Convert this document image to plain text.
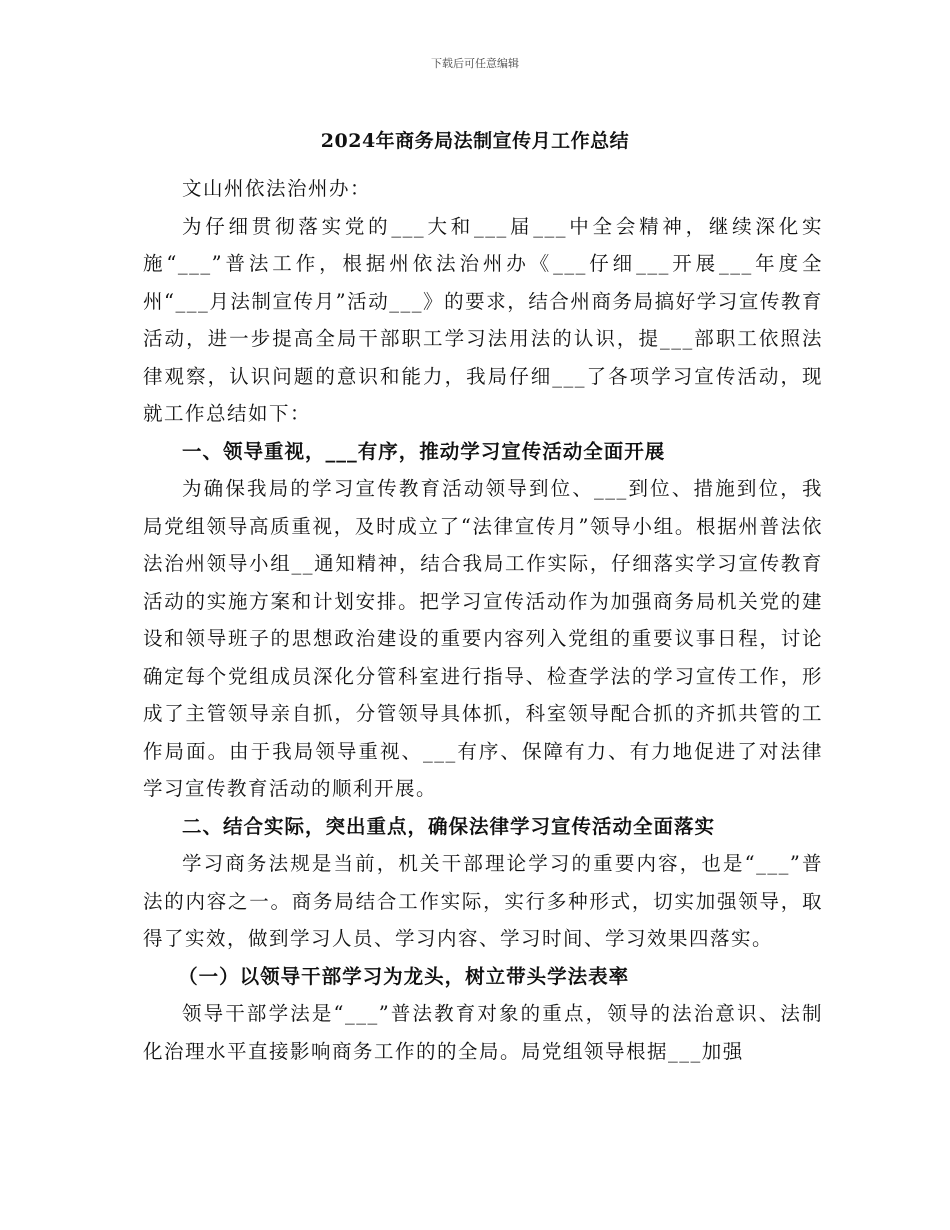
下载后可任意编辑
2024年商务局法制宣传月工作总结

文山州依法治州办：

为仔细贯彻落实党的___大和___届___中全会精神，继续深化实施“___”普法工作，根据州依法治州办《___仔细___开展___年度全州“___月法制宣传月”活动___》的要求，结合州商务局搞好学习宣传教育活动，进一步提高全局干部职工学习法用法的认识，提___部职工依照法律观察，认识问题的意识和能力，我局仔细___了各项学习宣传活动，现就工作总结如下：

一、领导重视，___有序，推动学习宣传活动全面开展

为确保我局的学习宣传教育活动领导到位、___到位、措施到位，我局党组领导高质重视，及时成立了“法律宣传月”领导小组。根据州普法依法治州领导小组__通知精神，结合我局工作实际，仔细落实学习宣传教育活动的实施方案和计划安排。把学习宣传活动作为加强商务局机关党的建设和领导班子的思想政治建设的重要内容列入党组的重要议事日程，讨论确定每个党组成员深化分管科室进行指导、检查学法的学习宣传工作，形成了主管领导亲自抓，分管领导具体抓，科室领导配合抓的齐抓共管的工作局面。由于我局领导重视、___有序、保障有力、有力地促进了对法律学习宣传教育活动的顺利开展。

二、结合实际，突出重点，确保法律学习宣传活动全面落实

学习商务法规是当前，机关干部理论学习的重要内容，也是“___”普法的内容之一。商务局结合工作实际，实行多种形式，切实加强领导，取得了实效，做到学习人员、学习内容、学习时间、学习效果四落实。

（一）以领导干部学习为龙头，树立带头学法表率

领导干部学法是“___”普法教育对象的重点，领导的法治意识、法制化治理水平直接影响商务工作的的全局。局党组领导根据___加强
